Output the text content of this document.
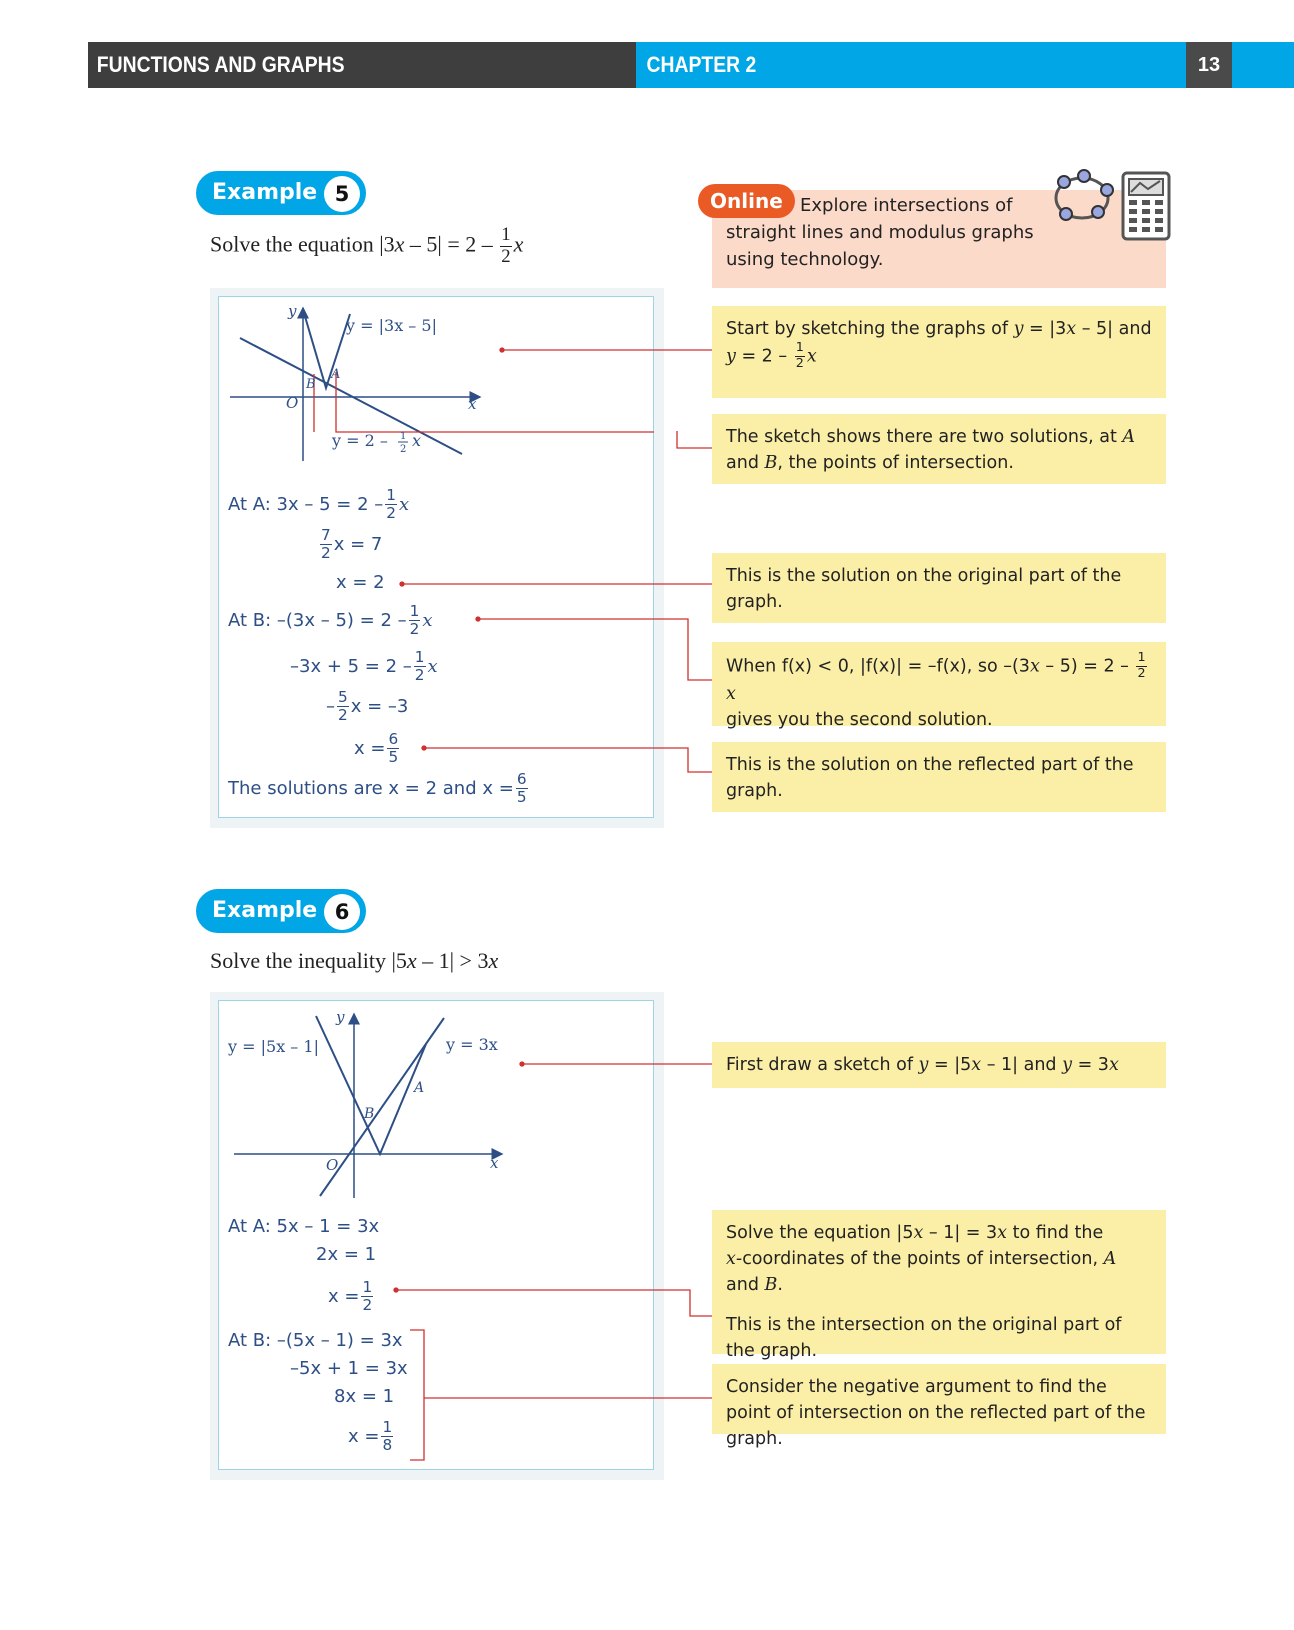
FUNCTIONS AND GRAPHS	CHAPTER 2	13
Example 5
Solve the equation $|3x - 5| = 2 - \frac{1}{2}$ x
Online Explore intersections of
straight lines and modulus graphs
using technology.
y
x
O
B
A
y = |3x – 5|
y = 2 – 1
2 x
At A: $3x - 5 = 2 - \frac{1}{2}$ x
$\frac{7}{2}$ x = 7
x = 2
At B: $-(3x - 5) = 2 - \frac{1}{2}$ x
$-3x + 5 = 2 - \frac{1}{2}$ x
– $\frac{5}{2}$ x = –3
$x = \frac{6}{5}$
The solutions are x = 2 and $x = \frac{6}{5}$
Start by sketching the graphs of y = |3x – 5| and
$y = 2 - \frac{1}{2}$ x
The sketch shows there are two solutions, at A
and B, the points of intersection.
This is the solution on the original part of the graph.
When f(x) < 0, |f(x)| = –f(x), so $-(3x - 5) = 2 - \frac{1}{2}$
x
gives you the second solution.
This is the solution on the reflected part of the graph.
Example 6
Solve the inequality |5x – 1| > 3x
y
x
O
B
A
y = |5x – 1|	y = 3x
At A: 5x – 1 = 3x
2x = 1
$x = \frac{1}{2}$
At B: –(5x – 1) = 3x
–5x + 1 = 3x
8x = 1
$x = \frac{1}{8}$
First draw a sketch of y = |5x – 1| and y = 3x
Solve the equation |5x – 1| = 3x to find the
x-coordinates of the points of intersection, A and B.
This is the intersection on the original part of the graph.
Consider the negative argument to find the point of intersection on the reflected part of the graph.
